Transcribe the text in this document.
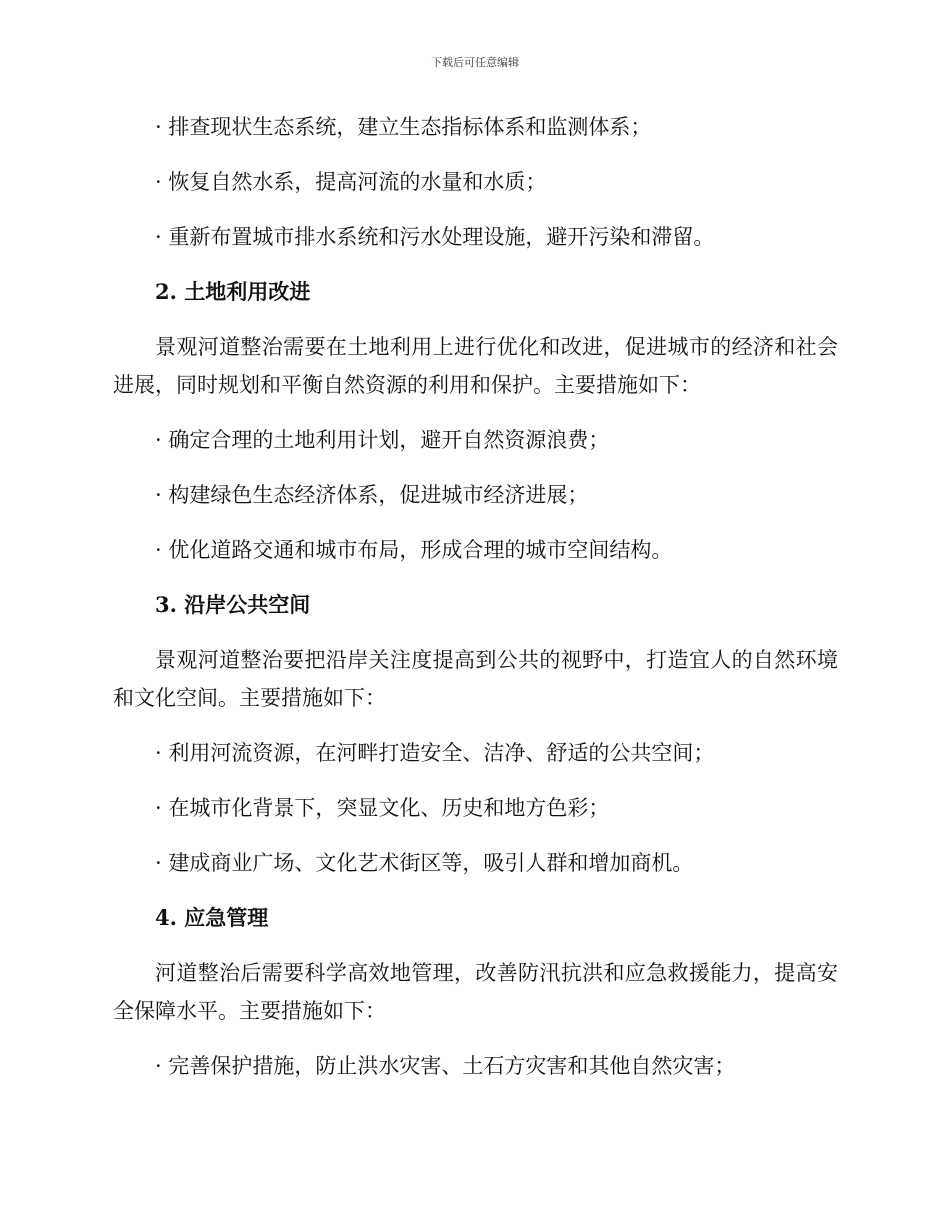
下载后可任意编辑

· 排查现状生态系统，建立生态指标体系和监测体系；

· 恢复自然水系，提高河流的水量和水质；

· 重新布置城市排水系统和污水处理设施，避开污染和滞留。

2. 土地利用改进

景观河道整治需要在土地利用上进行优化和改进，促进城市的经济和社会进展，同时规划和平衡自然资源的利用和保护。主要措施如下：

· 确定合理的土地利用计划，避开自然资源浪费；

· 构建绿色生态经济体系，促进城市经济进展；

· 优化道路交通和城市布局，形成合理的城市空间结构。

3. 沿岸公共空间

景观河道整治要把沿岸关注度提高到公共的视野中，打造宜人的自然环境和文化空间。主要措施如下：

· 利用河流资源，在河畔打造安全、洁净、舒适的公共空间；

· 在城市化背景下，突显文化、历史和地方色彩；

· 建成商业广场、文化艺术街区等，吸引人群和增加商机。

4. 应急管理

河道整治后需要科学高效地管理，改善防汛抗洪和应急救援能力，提高安全保障水平。主要措施如下：

· 完善保护措施，防止洪水灾害、土石方灾害和其他自然灾害；
